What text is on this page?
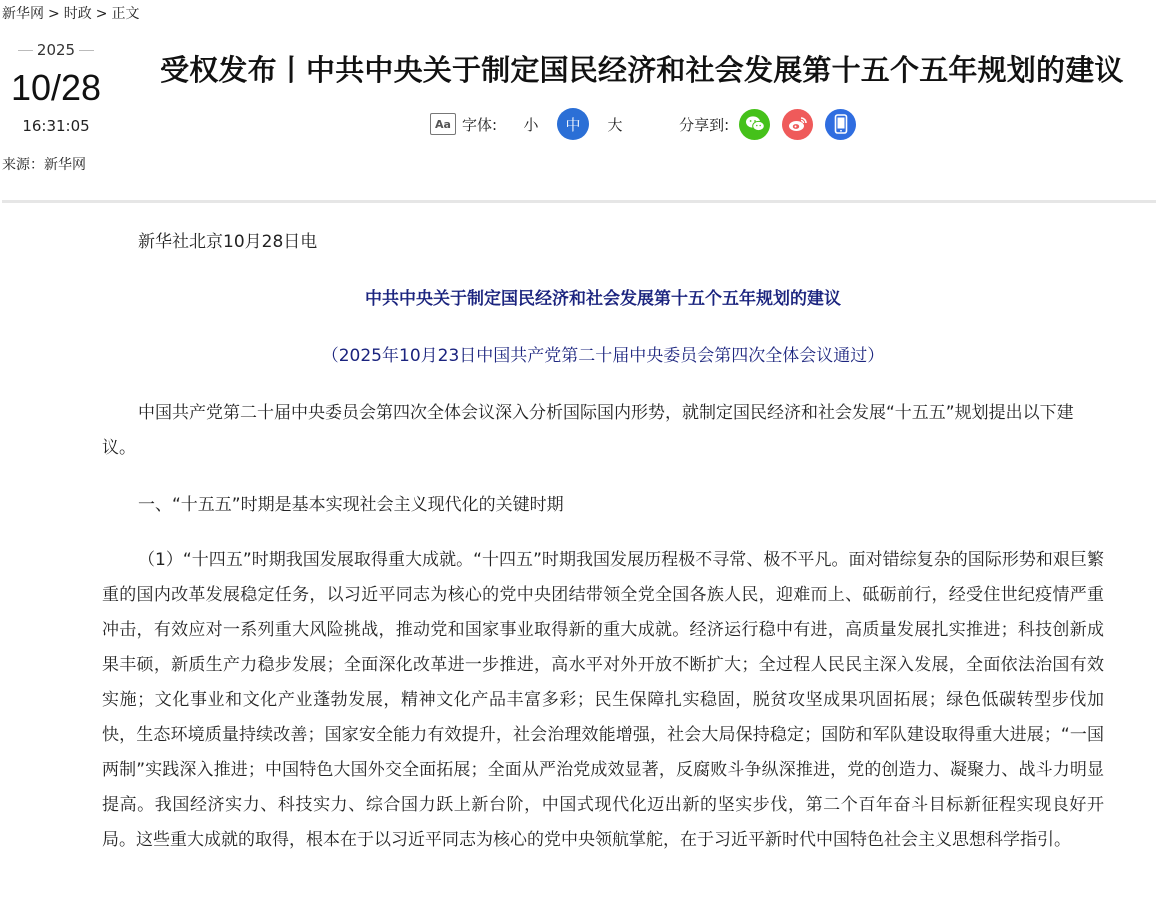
新华网 > 时政 > 正文
2025
10/28
16:31:05
来源：新华网
受权发布丨中共中央关于制定国民经济和社会发展第十五个五年规划的建议
Aa 字体:	小	中	大	分享到:

新华社北京10月28日电

中共中央关于制定国民经济和社会发展第十五个五年规划的建议

（2025年10月23日中国共产党第二十届中央委员会第四次全体会议通过）

中国共产党第二十届中央委员会第四次全体会议深入分析国际国内形势，就制定国民经济和社会发展“十五五”规划提出以下建议。

一、“十五五”时期是基本实现社会主义现代化的关键时期

（1）“十四五”时期我国发展取得重大成就。“十四五”时期我国发展历程极不寻常、极不平凡。面对错综复杂的国际形势和艰巨繁重的国内改革发展稳定任务，以习近平同志为核心的党中央团结带领全党全国各族人民，迎难而上、砥砺前行，经受住世纪疫情严重冲击，有效应对一系列重大风险挑战，推动党和国家事业取得新的重大成就。经济运行稳中有进，高质量发展扎实推进；科技创新成果丰硕，新质生产力稳步发展；全面深化改革进一步推进，高水平对外开放不断扩大；全过程人民民主深入发展，全面依法治国有效实施；文化事业和文化产业蓬勃发展，精神文化产品丰富多彩；民生保障扎实稳固，脱贫攻坚成果巩固拓展；绿色低碳转型步伐加快，生态环境质量持续改善；国家安全能力有效提升，社会治理效能增强，社会大局保持稳定；国防和军队建设取得重大进展；“一国两制”实践深入推进；中国特色大国外交全面拓展；全面从严治党成效显著，反腐败斗争纵深推进，党的创造力、凝聚力、战斗力明显提高。我国经济实力、科技实力、综合国力跃上新台阶，中国式现代化迈出新的坚实步伐，第二个百年奋斗目标新征程实现良好开局。这些重大成就的取得，根本在于以习近平同志为核心的党中央领航掌舵，在于习近平新时代中国特色社会主义思想科学指引。
